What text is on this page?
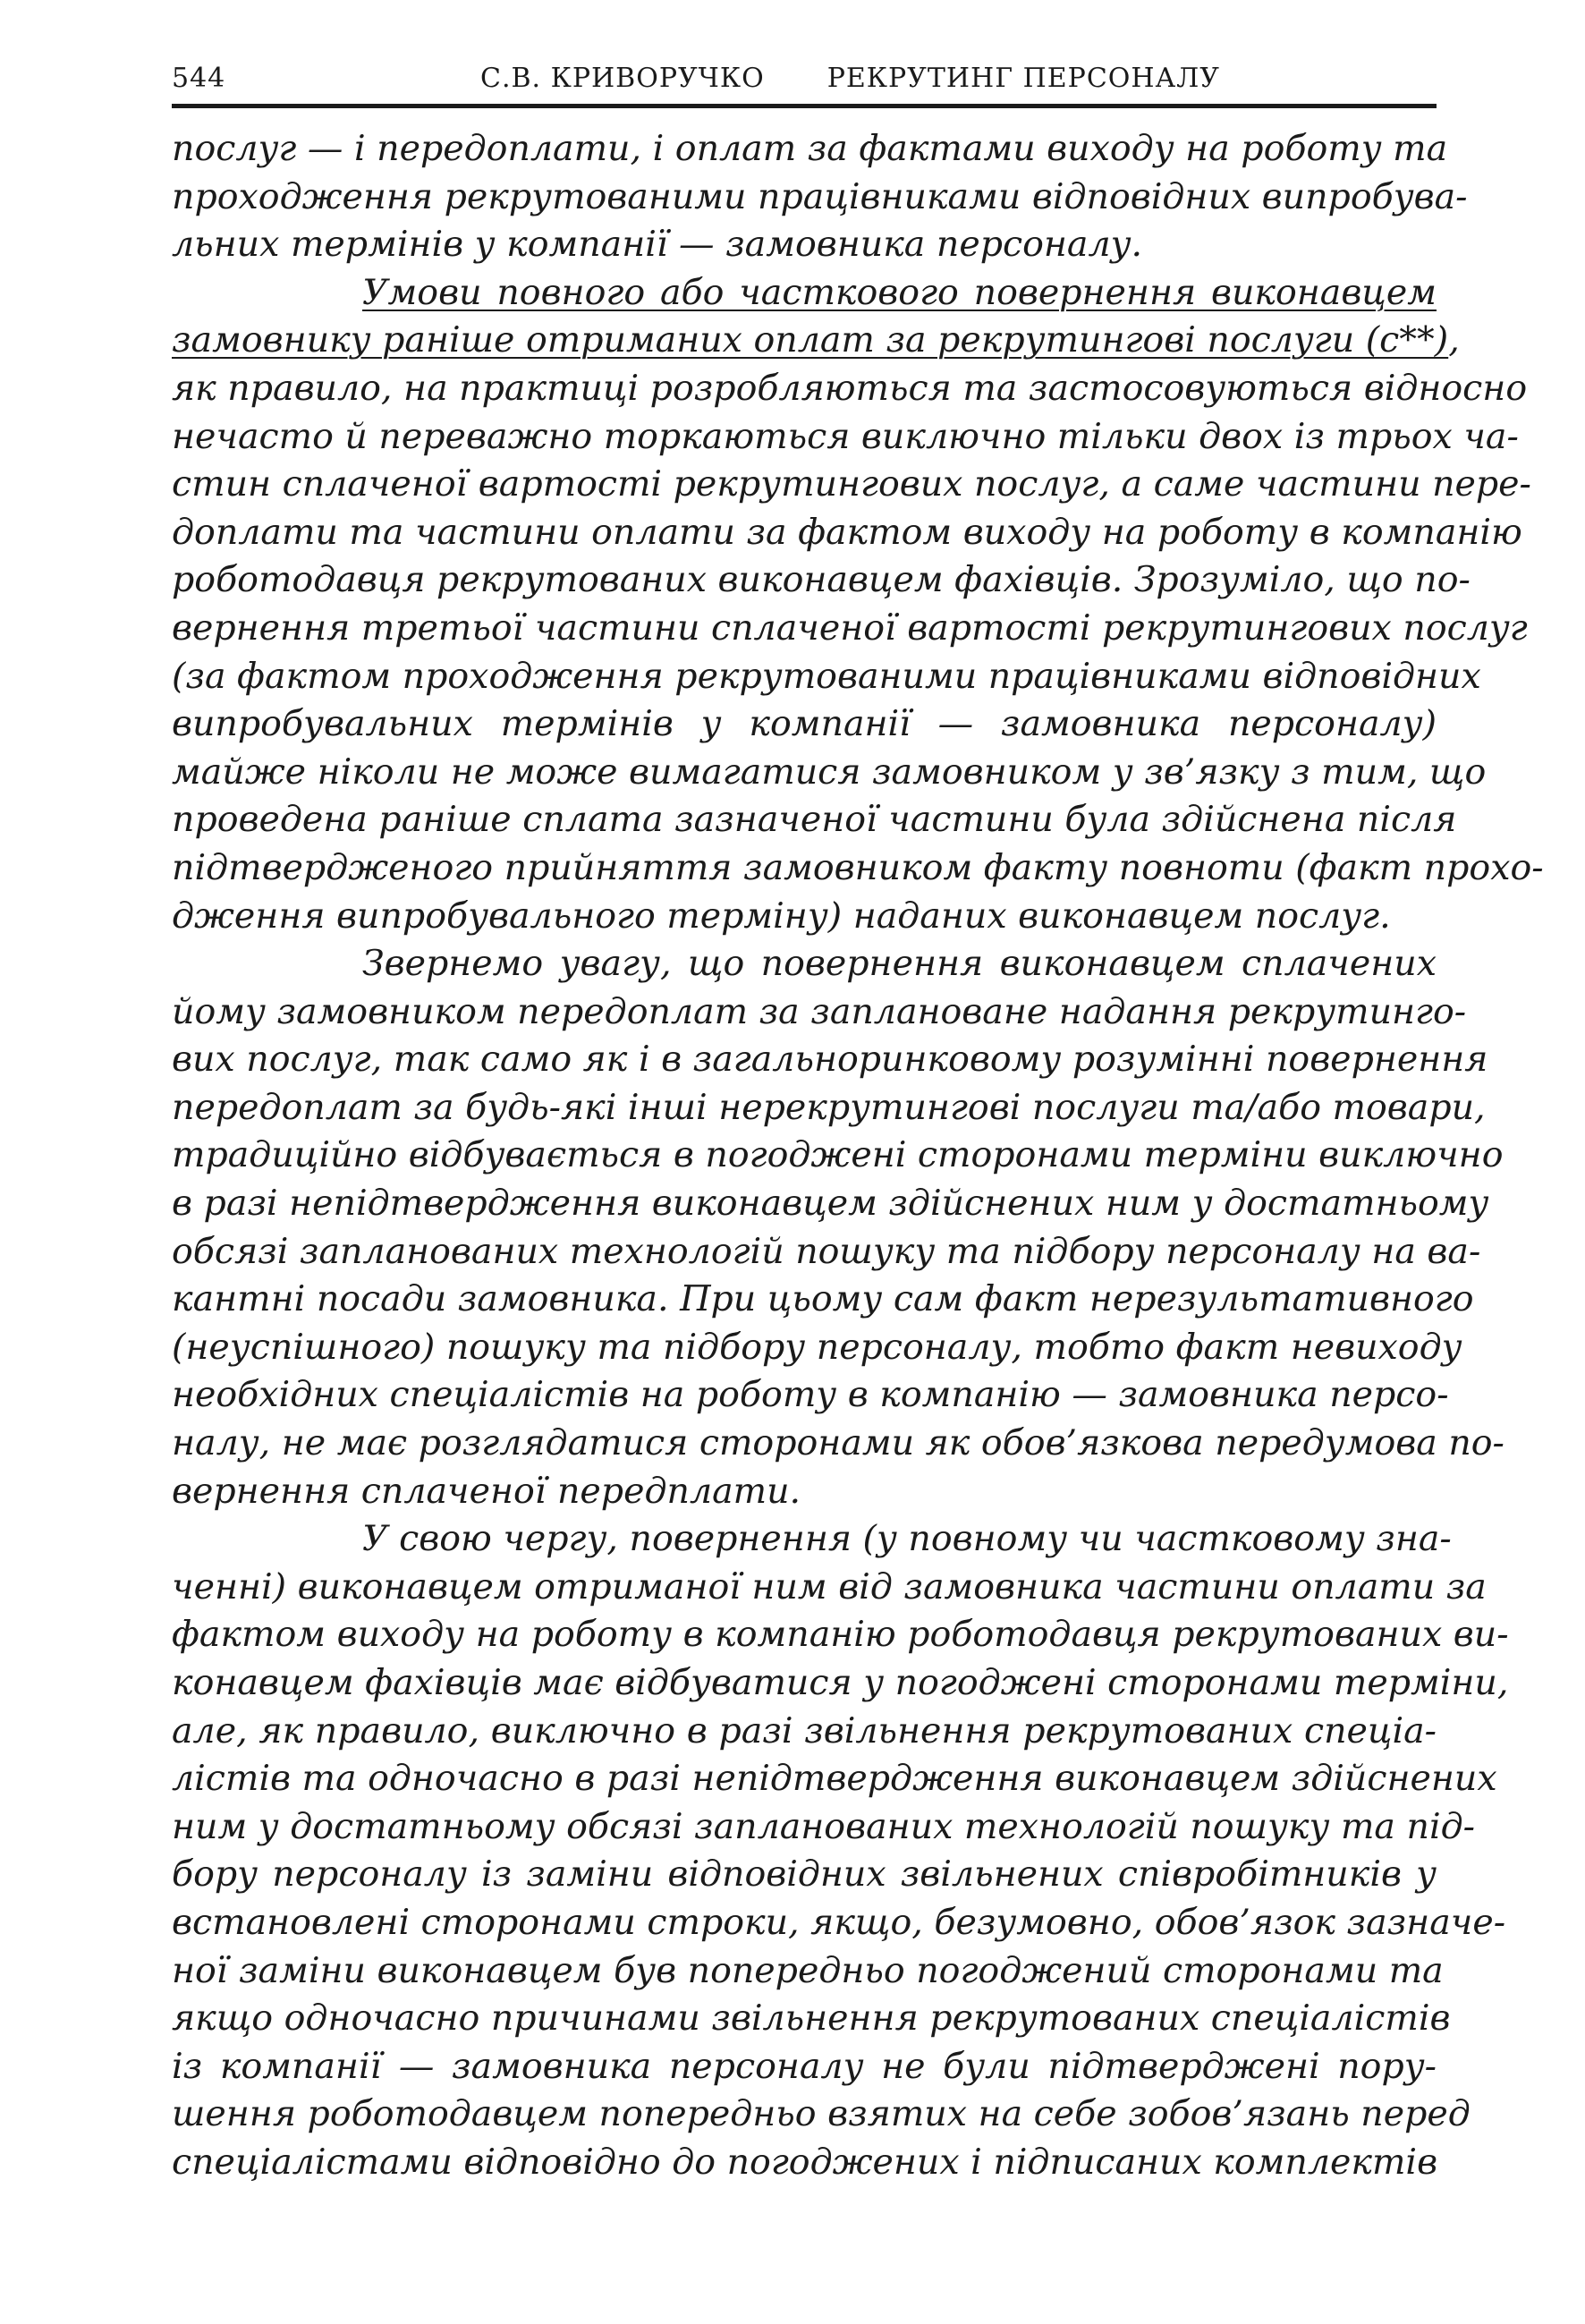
544	С.В. КРИВОРУЧКО РЕКРУТИНГ ПЕРСОНАЛУ
послуг — і передоплати, і оплат за фактами виходу на роботу та
проходження рекрутованими працівниками відповідних випробува-
льних термінів у компанії — замовника персоналу.
Умови повного або часткового повернення виконавцем
замовнику раніше отриманих оплат за рекрутингові послуги (с**),
як правило, на практиці розробляються та застосовуються відносно
нечасто й переважно торкаються виключно тільки двох із трьох ча-
стин сплаченої вартості рекрутингових послуг, а саме частини пере-
доплати та частини оплати за фактом виходу на роботу в компанію
роботодавця рекрутованих виконавцем фахівців. Зрозуміло, що по-
вернення третьої частини сплаченої вартості рекрутингових послуг
(за фактом проходження рекрутованими працівниками відповідних
випробувальних термінів у компанії — замовника персоналу)
майже ніколи не може вимагатися замовником у зв’язку з тим, що
проведена раніше сплата зазначеної частини була здійснена після
підтвердженого прийняття замовником факту повноти (факт прохо-
дження випробувального терміну) наданих виконавцем послуг.
Звернемо увагу, що повернення виконавцем сплачених
йому замовником передоплат за заплановане надання рекрутинго-
вих послуг, так само як і в загальноринковому розумінні повернення
передоплат за будь-які інші нерекрутингові послуги та/або товари,
традиційно відбувається в погоджені сторонами терміни виключно
в разі непідтвердження виконавцем здійснених ним у достатньому
обсязі запланованих технологій пошуку та підбору персоналу на ва-
кантні посади замовника. При цьому сам факт нерезультативного
(неуспішного) пошуку та підбору персоналу, тобто факт невиходу
необхідних спеціалістів на роботу в компанію — замовника персо-
налу, не має розглядатися сторонами як обов’язкова передумова по-
вернення сплаченої передплати.
У свою чергу, повернення (у повному чи частковому зна-
ченні) виконавцем отриманої ним від замовника частини оплати за
фактом виходу на роботу в компанію роботодавця рекрутованих ви-
конавцем фахівців має відбуватися у погоджені сторонами терміни,
але, як правило, виключно в разі звільнення рекрутованих спеціа-
лістів та одночасно в разі непідтвердження виконавцем здійснених
ним у достатньому обсязі запланованих технологій пошуку та під-
бору персоналу із заміни відповідних звільнених співробітників у
встановлені сторонами строки, якщо, безумовно, обов’язок зазначе-
ної заміни виконавцем був попередньо погоджений сторонами та
якщо одночасно причинами звільнення рекрутованих спеціалістів
із компанії — замовника персоналу не були підтверджені пору-
шення роботодавцем попередньо взятих на себе зобов’язань перед
спеціалістами відповідно до погоджених і підписаних комплектів
